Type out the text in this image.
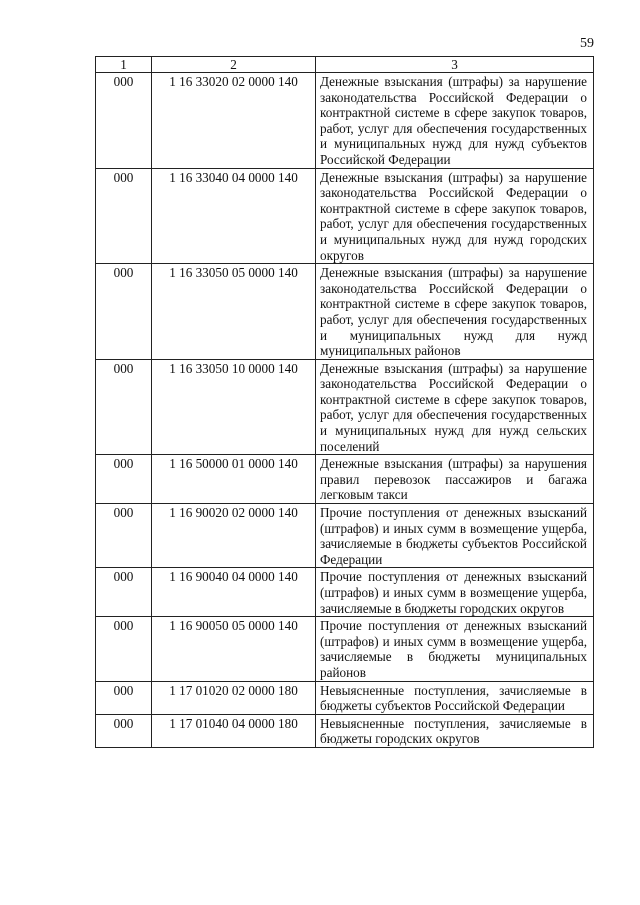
59
1	2	3
000	1 16 33020 02 0000 140	Денежные взыскания (штрафы) за нарушение законодательства Российской Федерации о контрактной системе в сфере закупок товаров, работ, услуг для обеспечения государственных и муниципальных нужд для нужд субъектов Российской Федерации

000	1 16 33040 04 0000 140	Денежные взыскания (штрафы) за нарушение законодательства Российской Федерации о контрактной системе в сфере закупок товаров, работ, услуг для обеспечения государственных и муниципальных нужд для нужд городских округов

000	1 16 33050 05 0000 140	Денежные взыскания (штрафы) за нарушение законодательства Российской Федерации о контрактной системе в сфере закупок товаров, работ, услуг для обеспечения государственных и муниципальных нужд для нужд муниципальных районов

000	1 16 33050 10 0000 140	Денежные взыскания (штрафы) за нарушение законодательства Российской Федерации о контрактной системе в сфере закупок товаров, работ, услуг для обеспечения государственных и муниципальных нужд для нужд сельских поселений

000	1 16 50000 01 0000 140	Денежные взыскания (штрафы) за нарушения правил перевозок пассажиров и багажа легковым такси

000	1 16 90020 02 0000 140	Прочие поступления от денежных взысканий (штрафов) и иных сумм в возмещение ущерба, зачисляемые в бюджеты субъектов Российской Федерации

000	1 16 90040 04 0000 140	Прочие поступления от денежных взысканий (штрафов) и иных сумм в возмещение ущерба, зачисляемые в бюджеты городских округов

000	1 16 90050 05 0000 140	Прочие поступления от денежных взысканий (штрафов) и иных сумм в возмещение ущерба, зачисляемые в бюджеты муниципальных районов

000	1 17 01020 02 0000 180	Невыясненные поступления, зачисляемые в бюджеты субъектов Российской Федерации

000	1 17 01040 04 0000 180	Невыясненные поступления, зачисляемые в бюджеты городских округов
